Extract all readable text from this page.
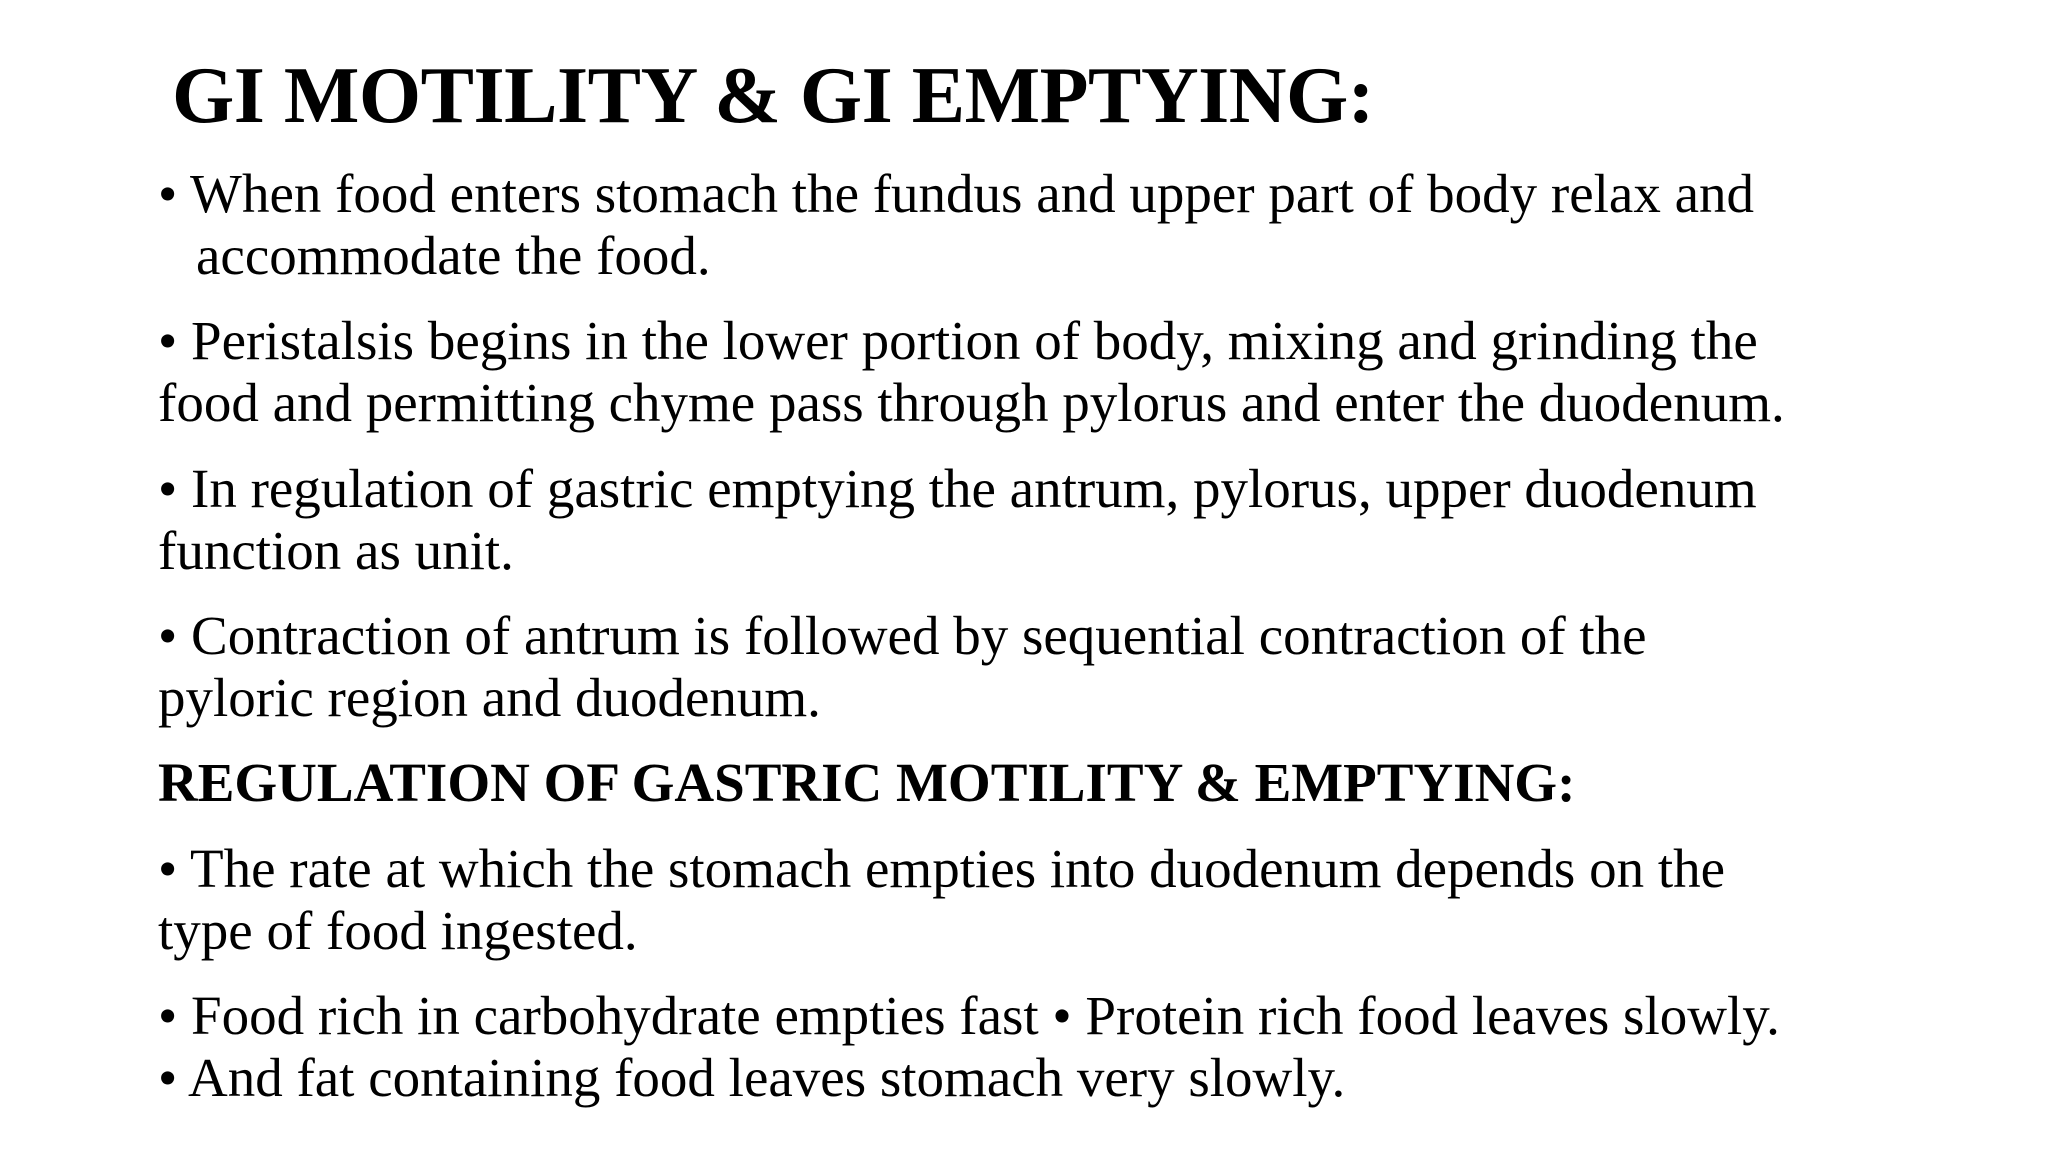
GI MOTILITY & GI EMPTYING:
• When food enters stomach the fundus and upper part of body relax and
accommodate the food.
• Peristalsis begins in the lower portion of body, mixing and grinding the
food and permitting chyme pass through pylorus and enter the duodenum.
• In regulation of gastric emptying the antrum, pylorus, upper duodenum
function as unit.
• Contraction of antrum is followed by sequential contraction of the
pyloric region and duodenum.
REGULATION OF GASTRIC MOTILITY & EMPTYING:
• The rate at which the stomach empties into duodenum depends on the
type of food ingested.
• Food rich in carbohydrate empties fast • Protein rich food leaves slowly.
• And fat containing food leaves stomach very slowly.
